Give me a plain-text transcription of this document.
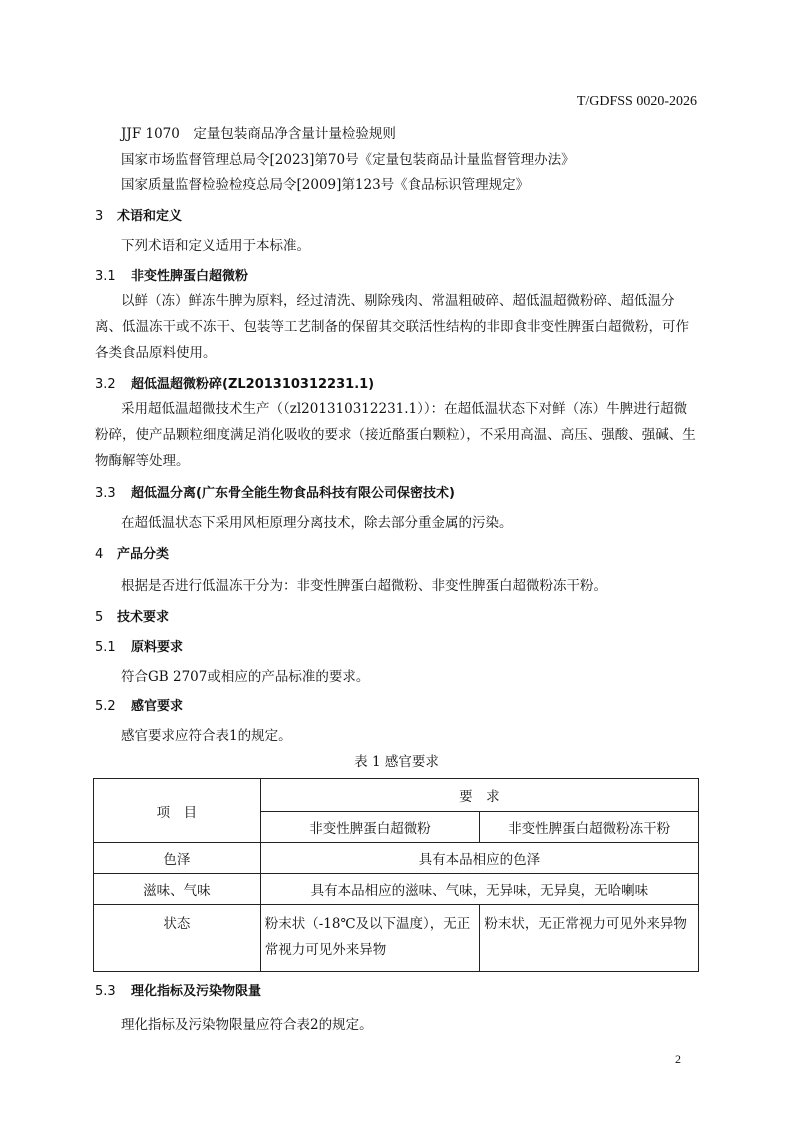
T/GDFSS 0020-2026
JJF 1070　定量包装商品净含量计量检验规则
国家市场监督管理总局令[2023]第70号《定量包装商品计量监督管理办法》
国家质量监督检验检疫总局令[2009]第123号《食品标识管理规定》
3 术语和定义
下列术语和定义适用于本标准。
3.1 非变性脾蛋白超微粉
以鲜（冻）鲜冻牛脾为原料，经过清洗、剔除残肉、常温粗破碎、超低温超微粉碎、超低温分离、低温冻干或不冻干、包装等工艺制备的保留其交联活性结构的非即食非变性脾蛋白超微粉，可作各类食品原料使用。
3.2 超低温超微粉碎(ZL201310312231.1)
采用超低温超微技术生产（（zl201310312231.1））：在超低温状态下对鲜（冻）牛脾进行超微粉碎，使产品颗粒细度满足消化吸收的要求（接近酪蛋白颗粒），不采用高温、高压、强酸、强碱、生物酶解等处理。
3.3 超低温分离(广东骨全能生物食品科技有限公司保密技术)
在超低温状态下采用风柜原理分离技术，除去部分重金属的污染。
4 产品分类
根据是否进行低温冻干分为：非变性脾蛋白超微粉、非变性脾蛋白超微粉冻干粉。
5 技术要求
5.1 原料要求
符合GB 2707或相应的产品标准的要求。
5.2 感官要求
感官要求应符合表1的规定。
表 1 感官要求
项　目	要　求	
	非变性脾蛋白超微粉	非变性脾蛋白超微粉冻干粉
色泽	具有本品相应的色泽	
滋味、气味	具有本品相应的滋味、气味，无异味，无异臭，无哈喇味	
状态	粉末状（-18℃及以下温度），无正常视力可见外来异物	粉末状，无正常视力可见外来异物
5.3 理化指标及污染物限量
理化指标及污染物限量应符合表2的规定。
2
